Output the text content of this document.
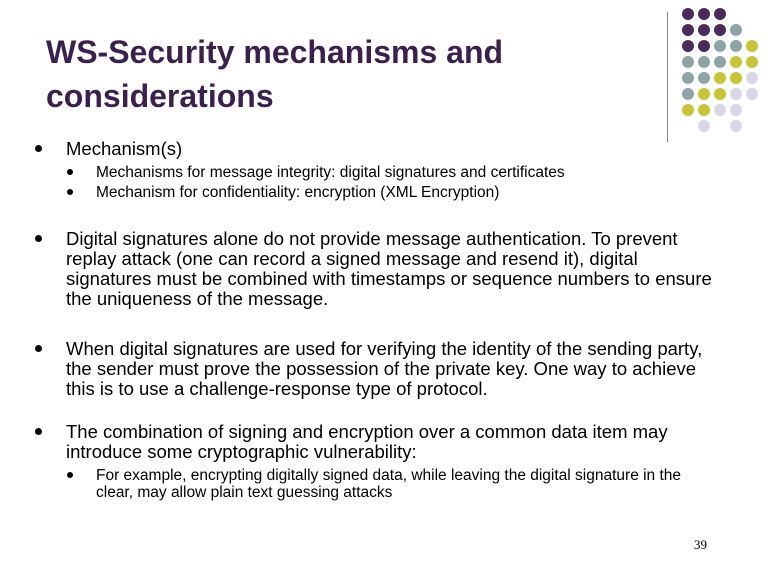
WS-Security mechanisms and considerations

Mechanism(s)

Mechanisms for message integrity: digital signatures and certificates

Mechanism for confidentiality: encryption (XML Encryption)

Digital signatures alone do not provide message authentication. To prevent replay attack (one can record a signed message and resend it), digital signatures must be combined with timestamps or sequence numbers to ensure the uniqueness of the message.

When digital signatures are used for verifying the identity of the sending party, the sender must prove the possession of the private key. One way to achieve this is to use a challenge-response type of protocol.

The combination of signing and encryption over a common data item may introduce some cryptographic vulnerability:

For example, encrypting digitally signed data, while leaving the digital signature in the clear, may allow plain text guessing attacks

39
